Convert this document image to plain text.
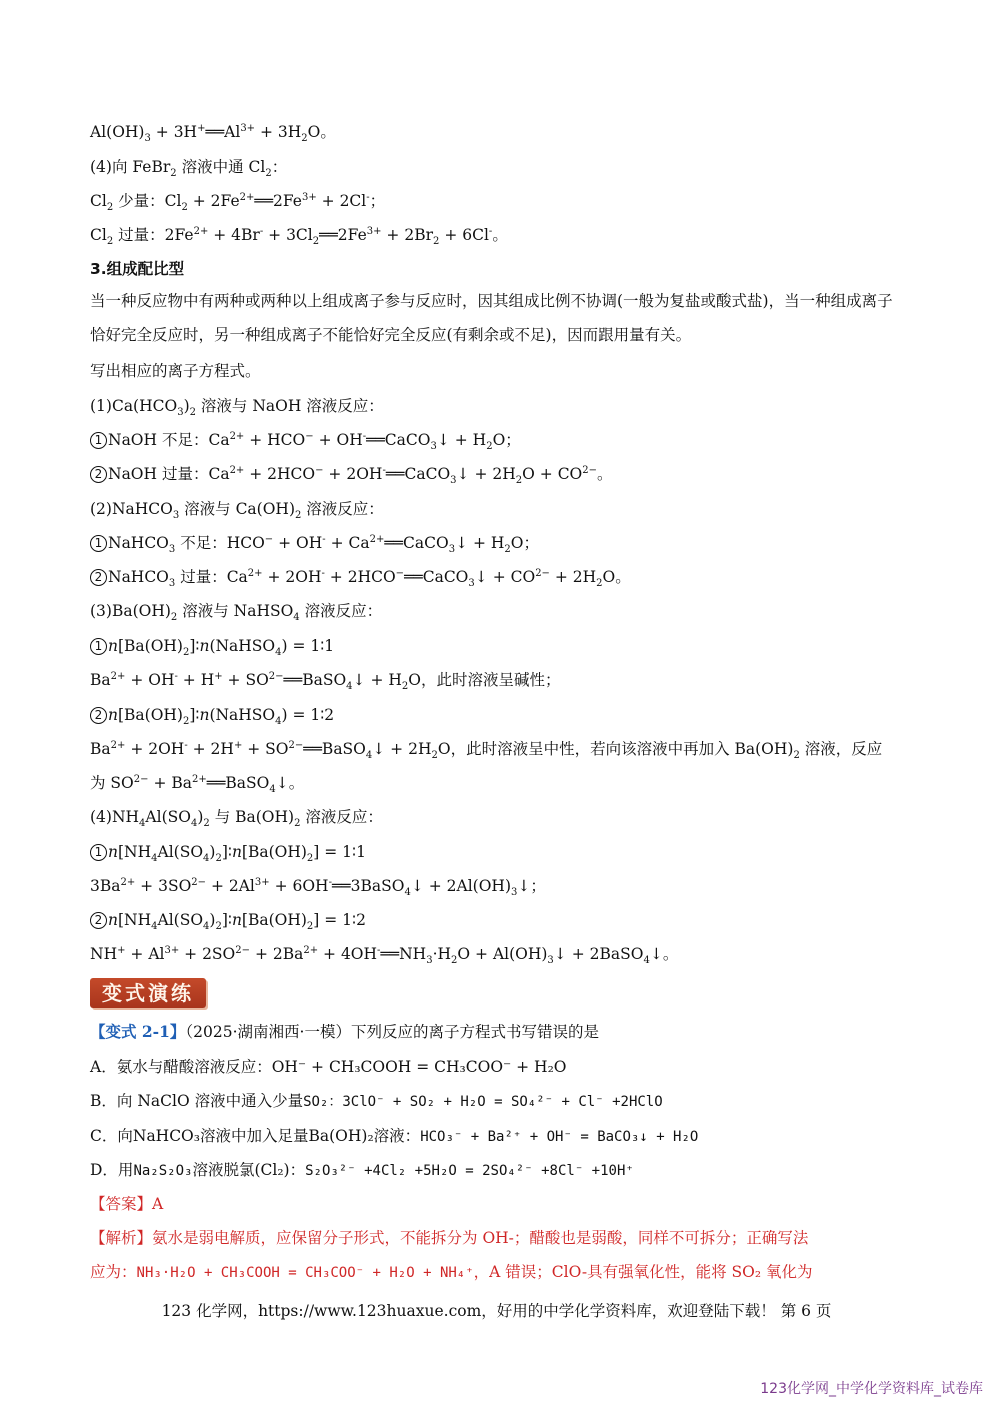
$Al(OH)_3$ + $3H^+══Al^{3+} + 3H_2O$。
(4)向 FeBr$_2$ 溶液中通 $Cl_2$：
$Cl_2$ 少量：$Cl_2$ + $2Fe^{2+}══2Fe^{3+} + 2Cl^-$；
$Cl_2$ 过量：$2Fe^{2+} + 4Br^-$ + $3Cl_2══2Fe^{3+} + 2Br_2 + 6Cl^-$。
3.组成配比型
当一种反应物中有两种或两种以上组成离子参与反应时，因其组成比例不协调(一般为复盐或酸式盐)，当一种组成离子恰好完全反应时，另一种组成离子不能恰好完全反应(有剩余或不足)，因而跟用量有关。
写出相应的离子方程式。
$(1)Ca(HCO_3)_2$ 溶液与 NaOH 溶液反应：
1 NaOH 不足：$Ca^{2+} + HCO^-$ + OH-══CaCO$_3$↓ + $H_2O$；
2 NaOH 过量：$Ca^{2+} + 2HCO^-$ + 2OH-══CaCO$_3$↓ + $2H_2O + CO^{2-}$。
(2)NaHCO$_3$ 溶液与 $Ca(OH)_2$ 溶液反应：
1 NaHCO$_3$ 不足：$HCO^- + OH^- + Ca^{2+}══CaCO_3↓ + H_2O$；
2 NaHCO$_3$ 过量：$Ca^{2+} + 2OH^-$ + 2HCO−══CaCO$_3$↓ + $CO^{2-} + 2H_2O$。
$(3)Ba(OH)_2$ 溶液与 NaHSO$_4$ 溶液反应：
1 $n[Ba(OH)_2]∶n(NaHSO_4)$ = 1∶1
$Ba^{2+} + OH^- + H^+$ + $SO^{2-}══BaSO_4↓ + H_2O$，此时溶液呈碱性；
2 $n[Ba(OH)_2]∶n(NaHSO_4)$ = 1∶2
$Ba^{2+} + 2OH^- + 2H^+$ + $SO^{2-}══BaSO_4↓ + 2H_2O$，此时溶液呈中性，若向该溶液中再加入 $Ba(OH)_2$ 溶液，反应
为 $SO^{2-}$ + $Ba^{2+}══BaSO_4↓$。
$(4)NH_4Al(SO_4)_2$ 与 $Ba(OH)_2$ 溶液反应：
1 $n[NH_4Al(SO_4)_2]∶n[Ba(OH)_2]$ = 1∶1
$3Ba^{2+} + 3SO^{2-} + 2Al^{3+}$ + 6OH-══3BaSO$_4$↓ + $2Al(OH)_3↓$；
2 $n[NH_4Al(SO_4)_2]∶n[Ba(OH)_2]$ = 1∶2
$NH^+ + Al^{3+} + 2SO^{2-} + 2Ba^{2+}$ + $4OH^-══NH_3\cdot H_2O$ + $Al(OH)_3↓$ + 2BaSO$_4$↓。
变式演练
【变式 2-1】（2025·湖南湘西·一模）下列反应的离子方程式书写错误的是
A．氨水与醋酸溶液反应：OH⁻ + CH₃COOH = CH₃COO⁻ + H₂O
B．向 NaClO 溶液中通入少量SO₂：3ClO⁻ + SO₂ + H₂O = SO₄²⁻ + Cl⁻ +2HClO
C．向NaHCO₃溶液中加入足量Ba(OH)₂溶液：HCO₃⁻ + Ba²⁺ + OH⁻ = BaCO₃↓ + H₂O
D．用Na₂S₂O₃溶液脱氯(Cl₂)：S₂O₃²⁻ +4Cl₂ +5H₂O = 2SO₄²⁻ +8Cl⁻ +10H⁺
【答案】A
【解析】氨水是弱电解质，应保留分子形式，不能拆分为 OH-；醋酸也是弱酸，同样不可拆分；正确写法
应为：NH₃·H₂O + CH₃COOH = CH₃COO⁻ + H₂O + NH₄⁺，A 错误；ClO-具有强氧化性，能将 SO₂ 氧化为
123 化学网，https://www.123huaxue.com，好用的中学化学资料库，欢迎登陆下载！ 第 6 页
123化学网_中学化学资料库_试卷库
